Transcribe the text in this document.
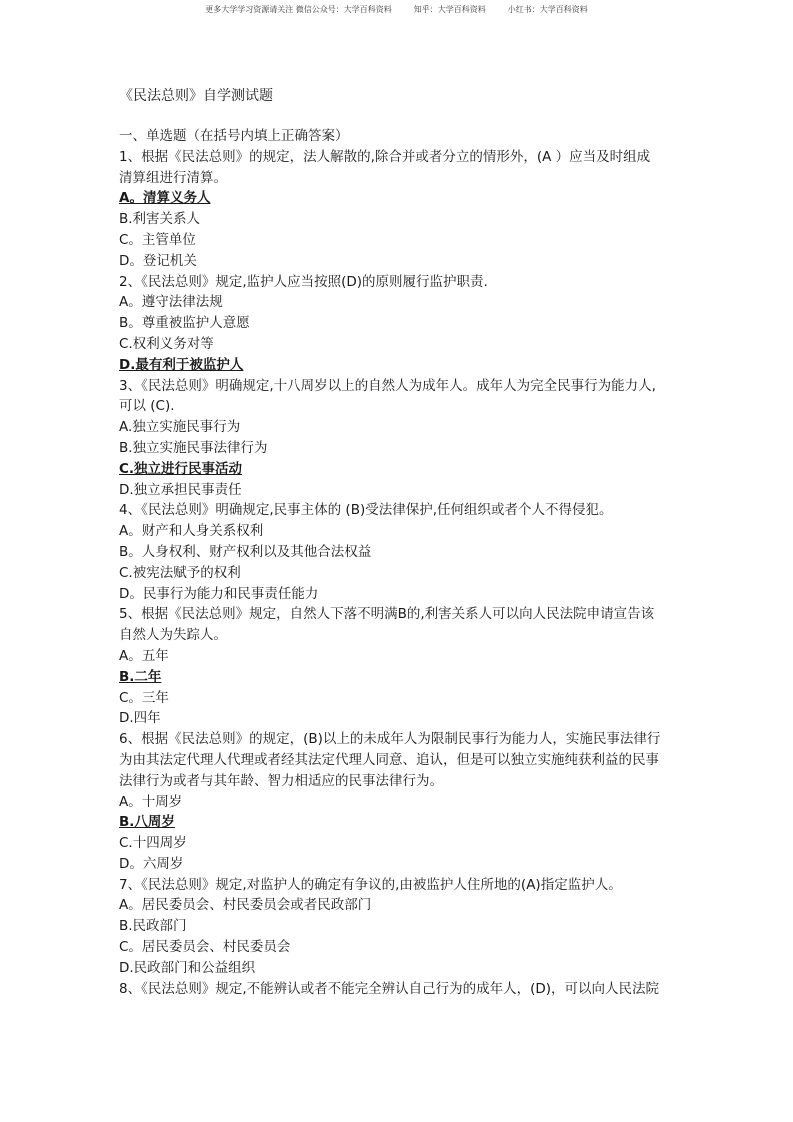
更多大学学习资源请关注 微信公众号：大学百科资料	知乎：大学百科资料	小红书：大学百科资料
《民法总则》自学测试题
一、单选题（在括号内填上正确答案）
1、根据《民法总则》的规定，法人解散的,除合并或者分立的情形外，(A ）应当及时组成
清算组进行清算。
A。清算义务人
B.利害关系人
C。主管单位
D。登记机关
2、《民法总则》规定,监护人应当按照(D)的原则履行监护职责.
A。遵守法律法规
B。尊重被监护人意愿
C.权利义务对等
D.最有利于被监护人
3、《民法总则》明确规定,十八周岁以上的自然人为成年人。成年人为完全民事行为能力人,
可以 (C).
A.独立实施民事行为
B.独立实施民事法律行为
C.独立进行民事活动
D.独立承担民事责任
4、《民法总则》明确规定,民事主体的 (B)受法律保护,任何组织或者个人不得侵犯。
A。财产和人身关系权利
B。人身权利、财产权利以及其他合法权益
C.被宪法赋予的权利
D。民事行为能力和民事责任能力
5、根据《民法总则》规定，自然人下落不明满B的,利害关系人可以向人民法院申请宣告该
自然人为失踪人。
A。五年
B.二年
C。三年
D.四年
6、根据《民法总则》的规定，(B)以上的未成年人为限制民事行为能力人，实施民事法律行
为由其法定代理人代理或者经其法定代理人同意、追认，但是可以独立实施纯获利益的民事
法律行为或者与其年龄、智力相适应的民事法律行为。
A。十周岁
B.八周岁
C.十四周岁
D。六周岁
7、《民法总则》规定,对监护人的确定有争议的,由被监护人住所地的(A)指定监护人。
A。居民委员会、村民委员会或者民政部门
B.民政部门
C。居民委员会、村民委员会
D.民政部门和公益组织
8、《民法总则》规定,不能辨认或者不能完全辨认自己行为的成年人，(D)，可以向人民法院
